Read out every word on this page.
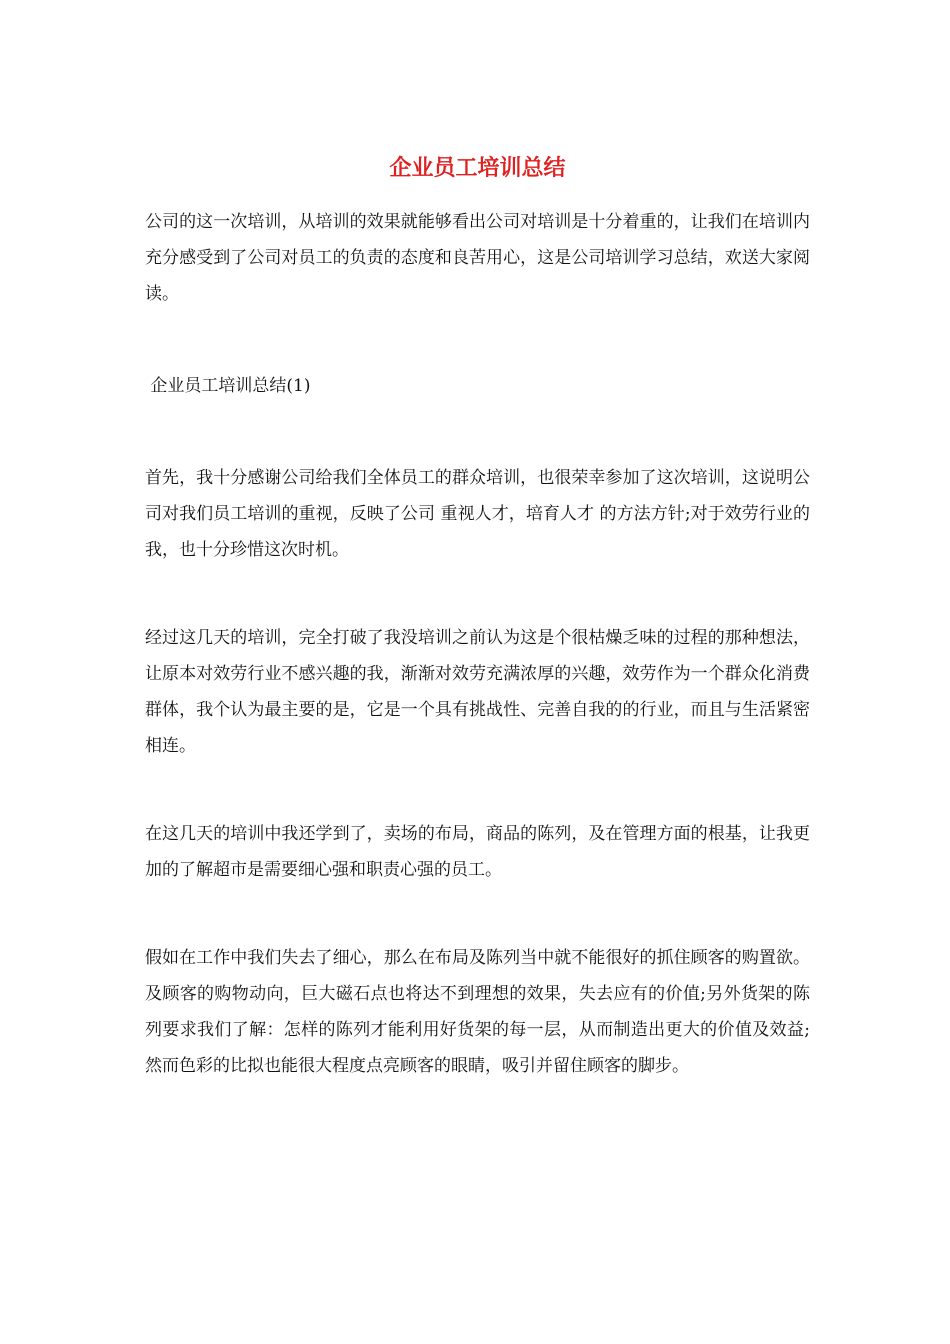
企业员工培训总结

公司的这一次培训，从培训的效果就能够看出公司对培训是十分着重的，让我们在培训内充分感受到了公司对员工的负责的态度和良苦用心，这是公司培训学习总结，欢送大家阅读。

企业员工培训总结(1)

首先，我十分感谢公司给我们全体员工的群众培训，也很荣幸参加了这次培训，这说明公司对我们员工培训的重视，反映了公司 重视人才，培育人才 的方法方针;对于效劳行业的我，也十分珍惜这次时机。

经过这几天的培训，完全打破了我没培训之前认为这是个很枯燥乏味的过程的那种想法，让原本对效劳行业不感兴趣的我，渐渐对效劳充满浓厚的兴趣，效劳作为一个群众化消费群体，我个认为最主要的是，它是一个具有挑战性、完善自我的的行业，而且与生活紧密相连。

在这几天的培训中我还学到了，卖场的布局，商品的陈列，及在管理方面的根基，让我更加的了解超市是需要细心强和职责心强的员工。

假如在工作中我们失去了细心，那么在布局及陈列当中就不能很好的抓住顾客的购置欲。及顾客的购物动向，巨大磁石点也将达不到理想的效果，失去应有的价值;另外货架的陈列要求我们了解：怎样的陈列才能利用好货架的每一层，从而制造出更大的价值及效益;然而色彩的比拟也能很大程度点亮顾客的眼睛，吸引并留住顾客的脚步。
